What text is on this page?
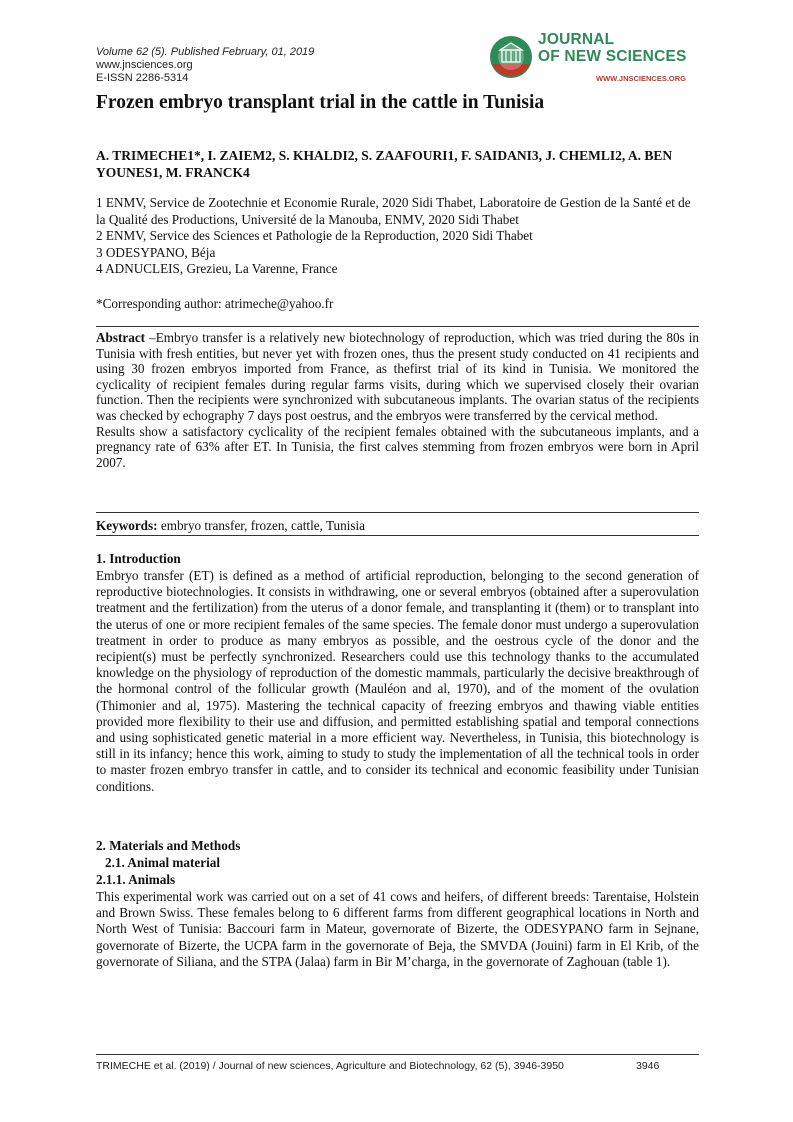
Volume 62 (5). Published February, 01, 2019
www.jnsciences.org
E-ISSN 2286-5314
JOURNAL
OF NEW SCIENCES
WWW.JNSCIENCES.ORG
Frozen embryo transplant trial in the cattle in Tunisia
A. TRIMECHE1*, I. ZAIEM2, S. KHALDI2, S. ZAAFOURI1, F. SAIDANI3, J. CHEMLI2, A. BEN
YOUNES1, M. FRANCK4
1 ENMV, Service de Zootechnie et Economie Rurale, 2020 Sidi Thabet, Laboratoire de Gestion de la Santé et de la Qualité des Productions, Université de la Manouba, ENMV, 2020 Sidi Thabet
2 ENMV, Service des Sciences et Pathologie de la Reproduction, 2020 Sidi Thabet
3 ODESYPANO, Béja
4 ADNUCLEIS, Grezieu, La Varenne, France
*Corresponding author: atrimeche@yahoo.fr

Abstract –Embryo transfer is a relatively new biotechnology of reproduction, which was tried during the 80s in Tunisia with fresh entities, but never yet with frozen ones, thus the present study conducted on 41 recipients and using 30 frozen embryos imported from France, as thefirst trial of its kind in Tunisia. We monitored the cyclicality of recipient females during regular farms visits, during which we supervised closely their ovarian function. Then the recipients were synchronized with subcutaneous implants. The ovarian status of the recipients was checked by echography 7 days post oestrus, and the embryos were transferred by the cervical method.

Results show a satisfactory cyclicality of the recipient females obtained with the subcutaneous implants, and a pregnancy rate of 63% after ET. In Tunisia, the first calves stemming from frozen embryos were born in April 2007.

Keywords: embryo transfer, frozen, cattle, Tunisia
1. Introduction

Embryo transfer (ET) is defined as a method of artificial reproduction, belonging to the second generation of reproductive biotechnologies. It consists in withdrawing, one or several embryos (obtained after a superovulation treatment and the fertilization) from the uterus of a donor female, and transplanting it (them) or to transplant into the uterus of one or more recipient females of the same species. The female donor must undergo a superovulation treatment in order to produce as many embryos as possible, and the oestrous cycle of the donor and the recipient(s) must be perfectly synchronized. Researchers could use this technology thanks to the accumulated knowledge on the physiology of reproduction of the domestic mammals, particularly the decisive breakthrough of the hormonal control of the follicular growth (Mauléon and al, 1970), and of the moment of the ovulation (Thimonier and al, 1975). Mastering the technical capacity of freezing embryos and thawing viable entities provided more flexibility to their use and diffusion, and permitted establishing spatial and temporal connections and using sophisticated genetic material in a more efficient way. Nevertheless, in Tunisia, this biotechnology is still in its infancy; hence this work, aiming to study to study the implementation of all the technical tools in order to master frozen embryo transfer in cattle, and to consider its technical and economic feasibility under Tunisian conditions.

2. Materials and Methods
2.1. Animal material
2.1.1. Animals

This experimental work was carried out on a set of 41 cows and heifers, of different breeds: Tarentaise, Holstein and Brown Swiss. These females belong to 6 different farms from different geographical locations in North and North West of Tunisia: Baccouri farm in Mateur, governorate of Bizerte, the ODESYPANO farm in Sejnane, governorate of Bizerte, the UCPA farm in the governorate of Beja, the SMVDA (Jouini) farm in El Krib, of the governorate of Siliana, and the STPA (Jalaa) farm in Bir M’charga, in the governorate of Zaghouan (table 1).

TRIMECHE et al. (2019) / Journal of new sciences, Agriculture and Biotechnology, 62 (5), 3946-3950	3946
